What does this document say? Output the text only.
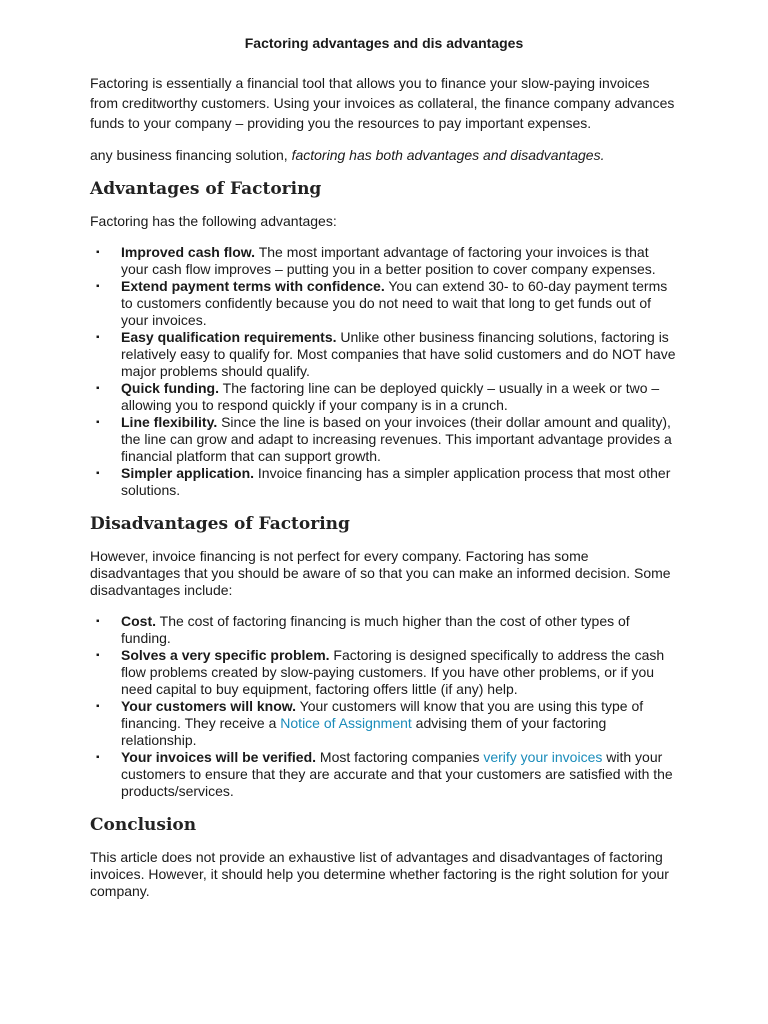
Factoring advantages and dis advantages

Factoring is essentially a financial tool that allows you to finance your slow-paying invoices from creditworthy customers. Using your invoices as collateral, the finance company advances funds to your company – providing you the resources to pay important expenses.

any business financing solution, factoring has both advantages and disadvantages.

Advantages of Factoring

Factoring has the following advantages:

▪ Improved cash flow. The most important advantage of factoring your invoices is that your cash flow improves – putting you in a better position to cover company expenses.
▪ Extend payment terms with confidence. You can extend 30- to 60-day payment terms to customers confidently because you do not need to wait that long to get funds out of your invoices.
▪ Easy qualification requirements. Unlike other business financing solutions, factoring is relatively easy to qualify for. Most companies that have solid customers and do NOT have major problems should qualify.
▪ Quick funding. The factoring line can be deployed quickly – usually in a week or two – allowing you to respond quickly if your company is in a crunch.
▪ Line flexibility. Since the line is based on your invoices (their dollar amount and quality), the line can grow and adapt to increasing revenues. This important advantage provides a financial platform that can support growth.
▪ Simpler application. Invoice financing has a simpler application process that most other solutions.
Disadvantages of Factoring

However, invoice financing is not perfect for every company. Factoring has some disadvantages that you should be aware of so that you can make an informed decision. Some disadvantages include:

▪ Cost. The cost of factoring financing is much higher than the cost of other types of funding.
▪ Solves a very specific problem. Factoring is designed specifically to address the cash flow problems created by slow-paying customers. If you have other problems, or if you need capital to buy equipment, factoring offers little (if any) help.
▪ Your customers will know. Your customers will know that you are using this type of financing. They receive a Notice of Assignment advising them of your factoring relationship.
▪ Your invoices will be verified. Most factoring companies verify your invoices with your customers to ensure that they are accurate and that your customers are satisfied with the products/services.
Conclusion

This article does not provide an exhaustive list of advantages and disadvantages of factoring invoices. However, it should help you determine whether factoring is the right solution for your company.
